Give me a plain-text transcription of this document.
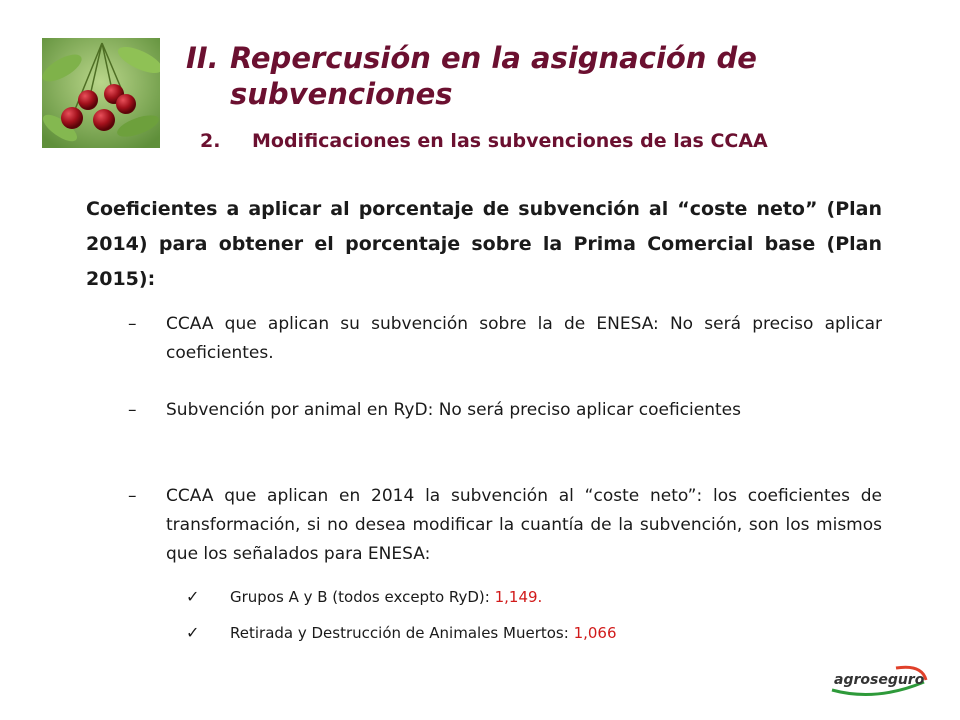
II. Repercusión en la asignación de
subvenciones
2. Modificaciones en las subvenciones de las CCAA
Coeficientes a aplicar al porcentaje de subvención al “coste neto” (Plan 2014) para obtener el porcentaje sobre la Prima Comercial base (Plan 2015):
– CCAA que aplican su subvención sobre la de ENESA: No será preciso aplicar coeficientes.
– Subvención por animal en RyD: No será preciso aplicar coeficientes
– CCAA que aplican en 2014 la subvención al “coste neto”: los coeficientes de transformación, si no desea modificar la cuantía de la subvención, son los mismos que los señalados para ENESA:
✓ Grupos A y B (todos excepto RyD): 1,149.
✓ Retirada y Destrucción de Animales Muertos: 1,066
agroseguro
